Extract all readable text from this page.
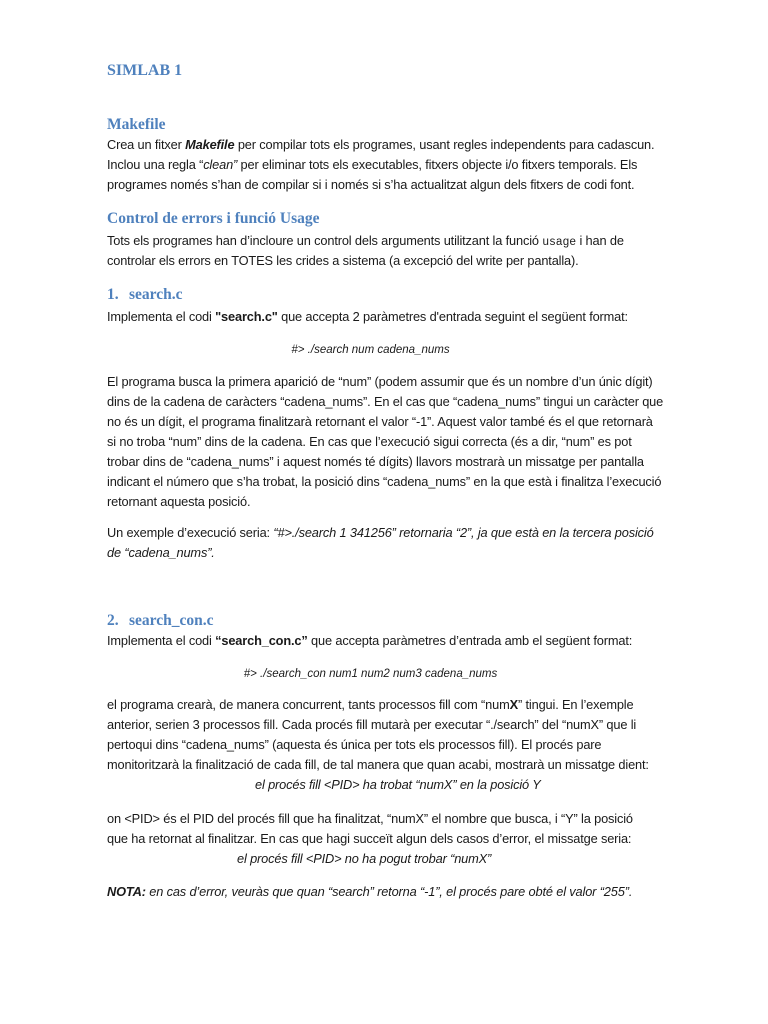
SIMLAB 1
Makefile

Crea un fitxer Makefile per compilar tots els programes, usant regles independents para cadascun.

Inclou una regla “clean” per eliminar tots els executables, fitxers objecte i/o fitxers temporals. Els

programes només s’han de compilar si i només si s’ha actualitzat algun dels fitxers de codi font.

Control de errors i funció Usage

Tots els programes han d’incloure un control dels arguments utilitzant la funció usage i han de

controlar els errors en TOTES les crides a sistema (a excepció del write per pantalla).

1. search.c

Implementa el codi "search.c" que accepta 2 paràmetres d'entrada seguint el següent format:

#> ./search num cadena_nums

El programa busca la primera aparició de “num” (podem assumir que és un nombre d’un únic dígit)

dins de la cadena de caràcters “cadena_nums”. En el cas que “cadena_nums” tingui un caràcter que

no és un dígit, el programa finalitzarà retornant el valor “-1”. Aquest valor també és el que retornarà

si no troba “num” dins de la cadena. En cas que l’execució sigui correcta (és a dir, “num” es pot

trobar dins de “cadena_nums” i aquest només té dígits) llavors mostrarà un missatge per pantalla

indicant el número que s’ha trobat, la posició dins “cadena_nums” en la que està i finalitza l’execució

retornant aquesta posició.

Un exemple d’execució seria: “#>./search 1 341256” retornaria “2”, ja que està en la tercera posició

de “cadena_nums”.

2. search_con.c

Implementa el codi “search_con.c” que accepta paràmetres d’entrada amb el següent format:

#> ./search_con num1 num2 num3 cadena_nums

el programa crearà, de manera concurrent, tants processos fill com “numX” tingui. En l’exemple

anterior, serien 3 processos fill. Cada procés fill mutarà per executar “./search” del “numX” que li

pertoqui dins “cadena_nums” (aquesta és única per tots els processos fill). El procés pare

monitoritzarà la finalització de cada fill, de tal manera que quan acabi, mostrarà un missatge dient:

el procés fill <PID> ha trobat “numX” en la posició Y

on <PID> és el PID del procés fill que ha finalitzat, “numX” el nombre que busca, i “Y” la posició

que ha retornat al finalitzar. En cas que hagi succeït algun dels casos d’error, el missatge seria:

el procés fill <PID> no ha pogut trobar “numX”

NOTA: en cas d’error, veuràs que quan “search” retorna “-1”, el procés pare obté el valor “255”.
